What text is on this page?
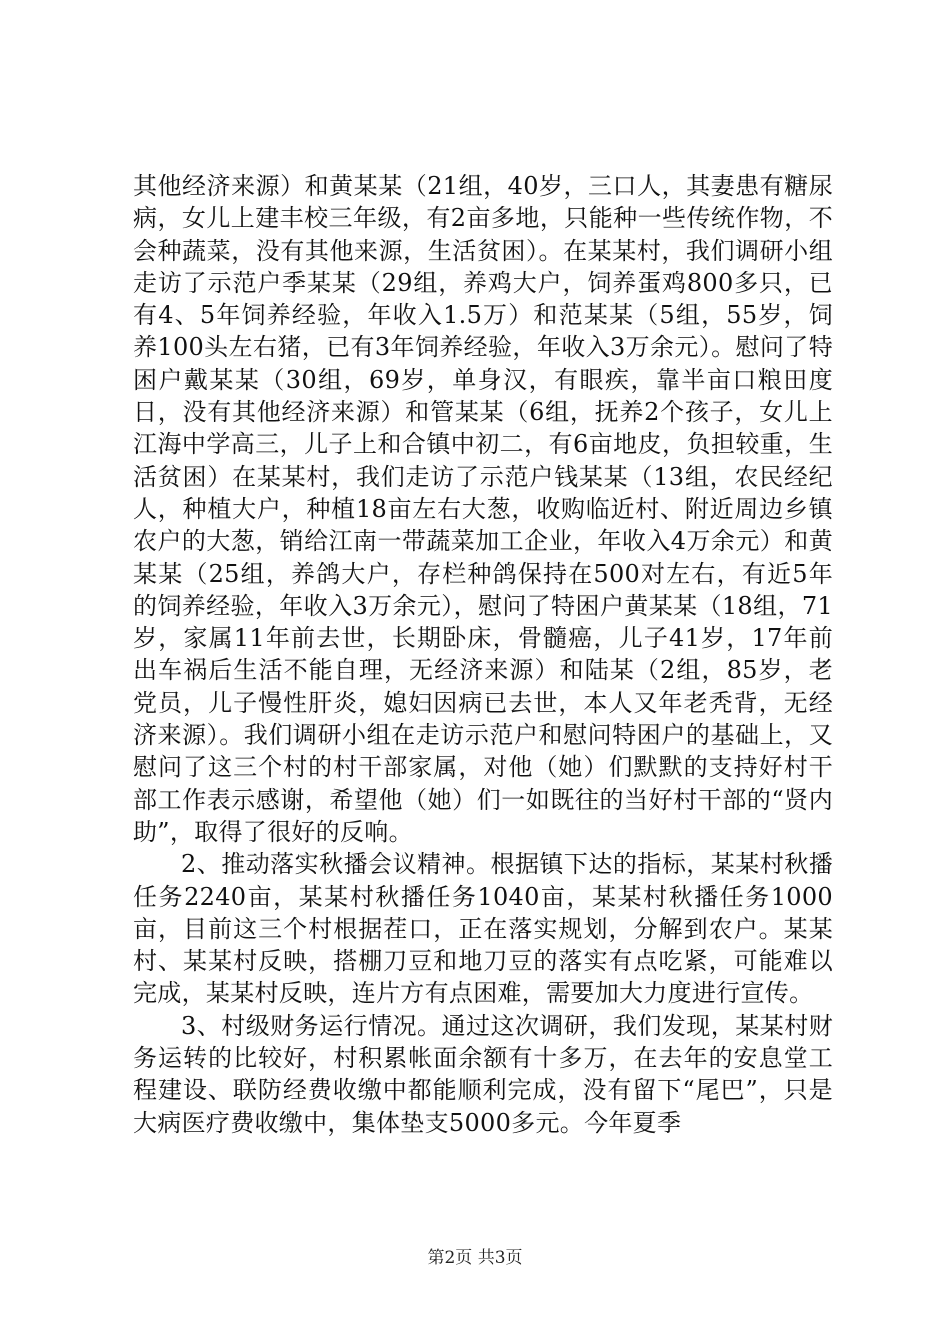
其他经济来源）和黄某某（21组，40岁，三口人，其妻患有糖尿病，女儿上建丰校三年级，有2亩多地，只能种一些传统作物，不会种蔬菜，没有其他来源，生活贫困）。在某某村，我们调研小组走访了示范户季某某（29组，养鸡大户，饲养蛋鸡800多只，已有4、5年饲养经验，年收入1.5万）和范某某（5组，55岁，饲养100头左右猪，已有3年饲养经验，年收入3万余元）。慰问了特困户戴某某（30组，69岁，单身汉，有眼疾，靠半亩口粮田度日，没有其他经济来源）和管某某（6组，抚养2个孩子，女儿上江海中学高三，儿子上和合镇中初二，有6亩地皮，负担较重，生活贫困）在某某村，我们走访了示范户钱某某（13组，农民经纪人，种植大户，种植18亩左右大葱，收购临近村、附近周边乡镇农户的大葱，销给江南一带蔬菜加工企业，年收入4万余元）和黄某某（25组，养鸽大户，存栏种鸽保持在500对左右，有近5年的饲养经验，年收入3万余元），慰问了特困户黄某某（18组，71岁，家属11年前去世，长期卧床，骨髓癌，儿子41岁，17年前出车祸后生活不能自理，无经济来源）和陆某（2组，85岁，老党员，儿子慢性肝炎，媳妇因病已去世，本人又年老秃背，无经济来源）。我们调研小组在走访示范户和慰问特困户的基础上，又慰问了这三个村的村干部家属，对他（她）们默默的支持好村干部工作表示感谢，希望他（她）们一如既往的当好村干部的“贤内助”，取得了很好的反响。

2、推动落实秋播会议精神。根据镇下达的指标，某某村秋播任务2240亩，某某村秋播任务1040亩，某某村秋播任务1000亩，目前这三个村根据茬口，正在落实规划，分解到农户。某某村、某某村反映，搭棚刀豆和地刀豆的落实有点吃紧，可能难以完成，某某村反映，连片方有点困难，需要加大力度进行宣传。

3、村级财务运行情况。通过这次调研，我们发现，某某村财务运转的比较好，村积累帐面余额有十多万，在去年的安息堂工程建设、联防经费收缴中都能顺利完成，没有留下“尾巴”，只是大病医疗费收缴中，集体垫支5000多元。今年夏季

第2页 共3页
